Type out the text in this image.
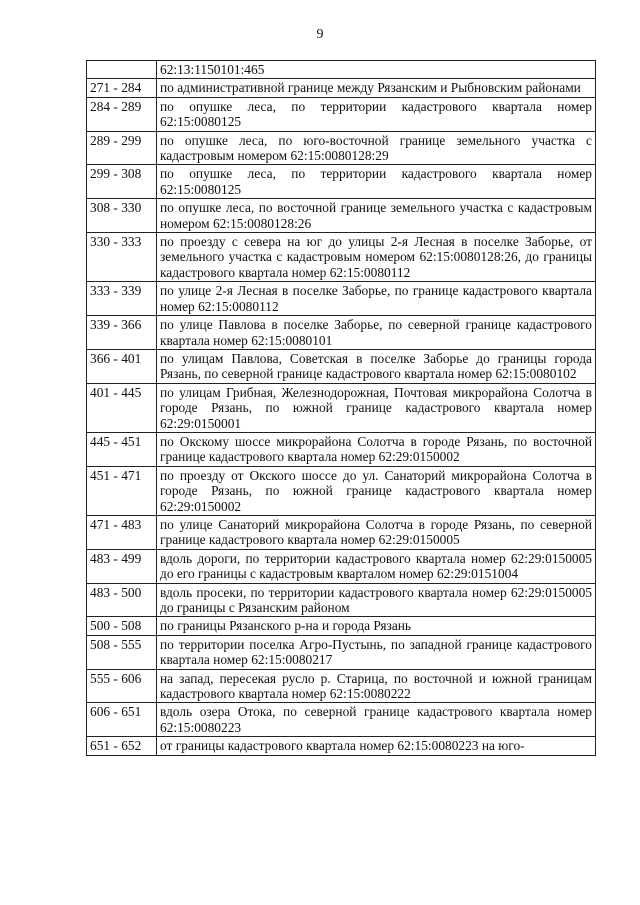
9
	62:13:1150101:465
271 - 284	по административной границе между Рязанским и Рыбновским районами
284 - 289	по опушке леса, по территории кадастрового квартала номер 62:15:0080125
289 - 299	по опушке леса, по юго-восточной границе земельного участка с кадастровым номером 62:15:0080128:29
299 - 308	по опушке леса, по территории кадастрового квартала номер 62:15:0080125
308 - 330	по опушке леса, по восточной границе земельного участка с кадастровым номером 62:15:0080128:26
330 - 333	по проезду с севера на юг до улицы 2-я Лесная в поселке Заборье, от земельного участка с кадастровым номером 62:15:0080128:26, до границы кадастрового квартала номер 62:15:0080112
333 - 339	по улице 2-я Лесная в поселке Заборье, по границе кадастрового квартала номер 62:15:0080112
339 - 366	по улице Павлова в поселке Заборье, по северной границе кадастрового квартала номер 62:15:0080101
366 - 401	по улицам Павлова, Советская в поселке Заборье до границы города Рязань, по северной границе кадастрового квартала номер 62:15:0080102
401 - 445	по улицам Грибная, Железнодорожная, Почтовая микрорайона Солотча в городе Рязань, по южной границе кадастрового квартала номер 62:29:0150001
445 - 451	по Окскому шоссе микрорайона Солотча в городе Рязань, по восточной границе кадастрового квартала номер 62:29:0150002
451 - 471	по проезду от Окского шоссе до ул. Санаторий микрорайона Солотча в городе Рязань, по южной границе кадастрового квартала номер 62:29:0150002
471 - 483	по улице Санаторий микрорайона Солотча в городе Рязань, по северной границе кадастрового квартала номер 62:29:0150005
483 - 499	вдоль дороги, по территории кадастрового квартала номер 62:29:0150005 до его границы с кадастровым кварталом номер 62:29:0151004
483 - 500	вдоль просеки, по территории кадастрового квартала номер 62:29:0150005 до границы с Рязанским районом
500 - 508	по границы Рязанского р-на и города Рязань
508 - 555	по территории поселка Агро-Пустынь, по западной границе кадастрового квартала номер 62:15:0080217
555 - 606	на запад, пересекая русло р. Старица, по восточной и южной границам кадастрового квартала номер 62:15:0080222
606 - 651	вдоль озера Отока, по северной границе кадастрового квартала номер 62:15:0080223
651 - 652	от границы кадастрового квартала номер 62:15:0080223 на юго-
